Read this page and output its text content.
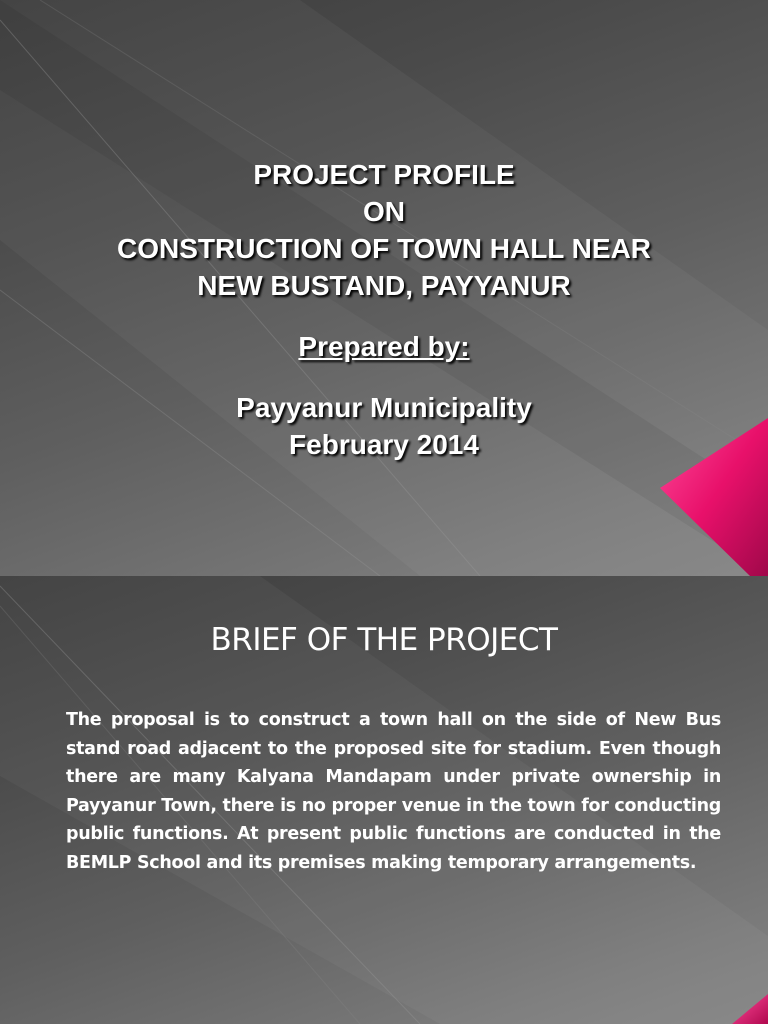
PROJECT PROFILE
ON
CONSTRUCTION OF TOWN HALL NEAR
NEW BUSTAND, PAYYANUR
Prepared by:
Payyanur Municipality
February 2014
BRIEF OF THE PROJECT
The proposal is to construct a town hall on the side of New Bus stand road adjacent to the proposed site for stadium. Even though there are many Kalyana Mandapam under private ownership in Payyanur Town, there is no proper venue in the town for conducting public functions. At present public functions are conducted in the BEMLP School and its premises making temporary arrangements.
